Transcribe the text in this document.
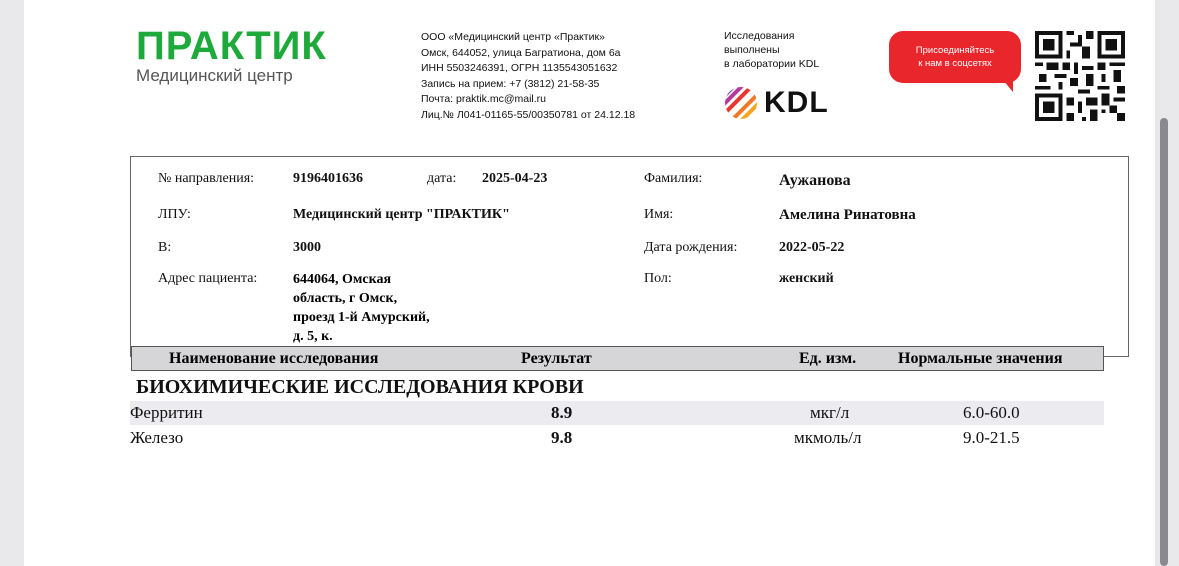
ПРАКТИК
Медицинский центр
ООО «Медицинский центр «Практик»
Омск, 644052, улица Багратиона, дом 6а
ИНН 5503246391, ОГРН 1135543051632
Запись на прием: +7 (3812) 21-58-35
Почта: praktik.mc@mail.ru
Лиц.№ Л041-01165-55/00350781 от 24.12.18
Исследования
выполнены
в лаборатории KDL
KDL
Присоединяйтесь
к нам в соцсетях
№ направления:	9196401636	дата: 2025-04-23
ЛПУ:	Медицинский центр "ПРАКТИК"
В:	3000
Адрес пациента:	644064, Омская область, г Омск, проезд 1-й Амурский, д. 5, к.
Фамилия:	Аужанова
Имя:	Амелина Ринатовна
Дата рождения:	2022-05-22
Пол:	женский
Наименование исследования	Результат	Ед. изм.	Нормальные значения
БИОХИМИЧЕСКИЕ ИССЛЕДОВАНИЯ КРОВИ
Ферритин	8.9	мкг/л	6.0-60.0
Железо	9.8	мкмоль/л	9.0-21.5
